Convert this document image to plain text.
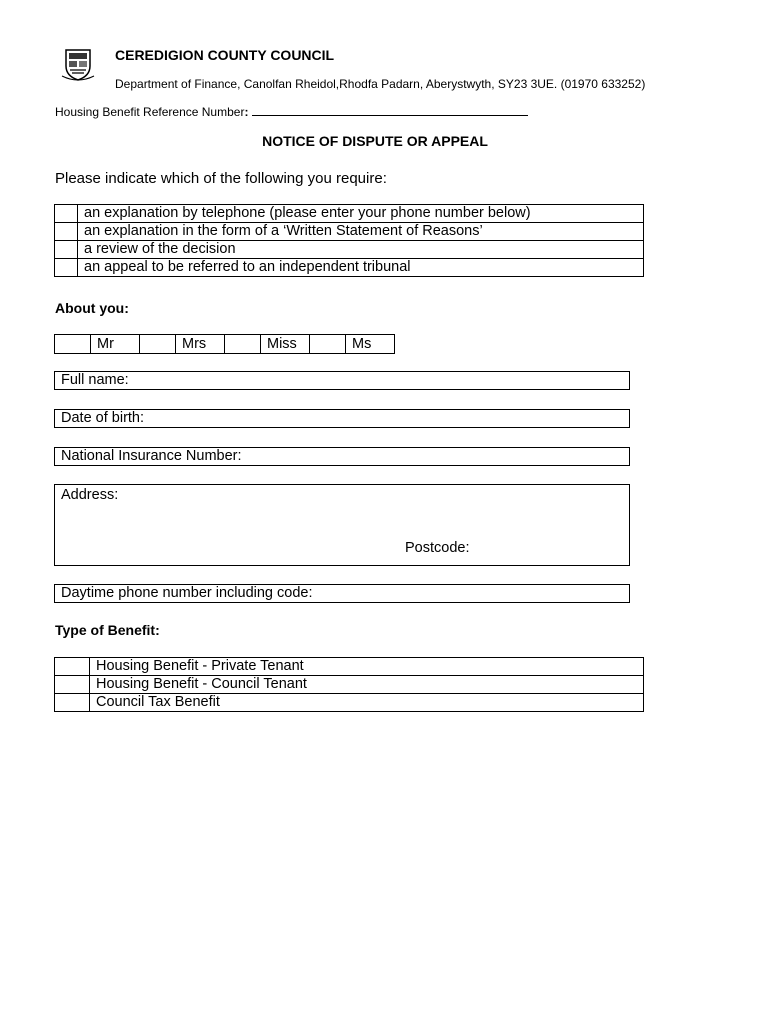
CEREDIGION COUNTY COUNCIL
Department of Finance, Canolfan Rheidol,Rhodfa Padarn, Aberystwyth, SY23 3UE. (01970 633252)
Housing Benefit Reference Number:
NOTICE OF DISPUTE OR APPEAL
Please indicate which of the following you require:
	an explanation by telephone (please enter your phone number below)
	an explanation in the form of a ‘Written Statement of Reasons’
	a review of the decision
	an appeal to be referred to an independent tribunal
About you:
	Mr		Mrs		Miss		Ms
Full name:
Date of birth:
National Insurance Number:
Address:
Postcode:
Daytime phone number including code:
Type of Benefit:
	Housing Benefit - Private Tenant
	Housing Benefit - Council Tenant
	Council Tax Benefit
